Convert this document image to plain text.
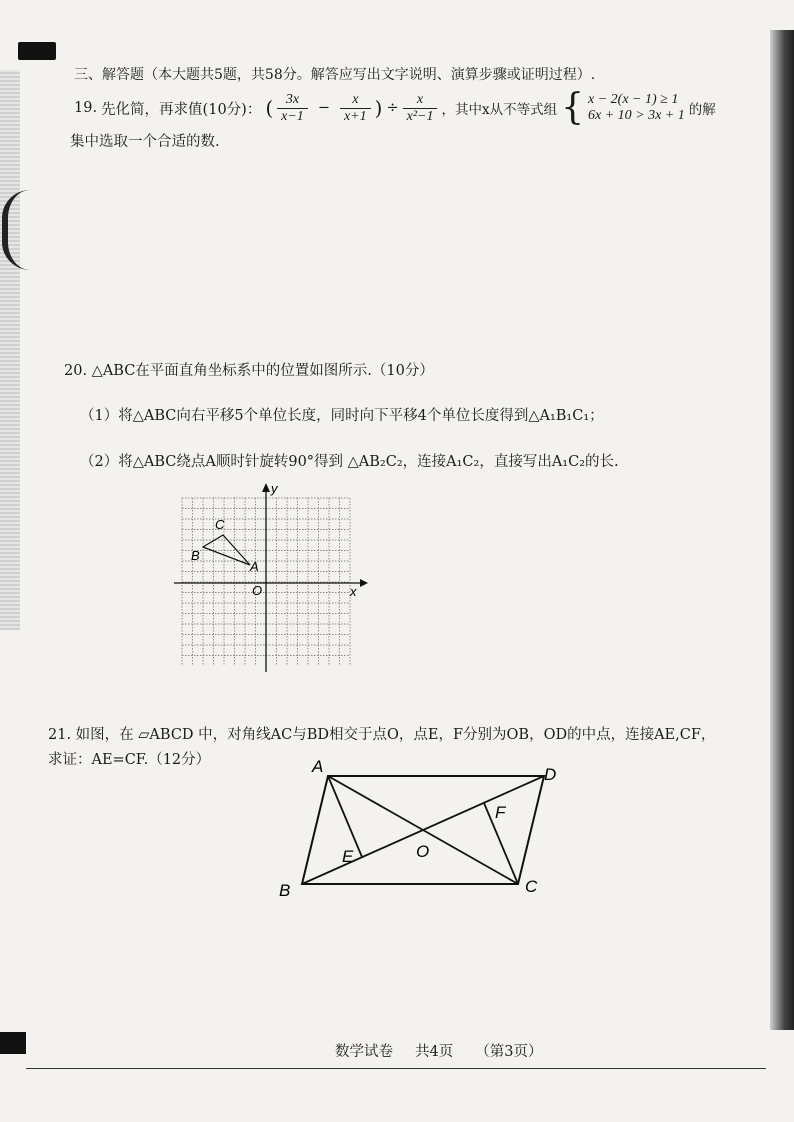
三、解答题（本大题共5题，共58分。解答应写出文字说明、演算步骤或证明过程）.
19. 先化简，再求值(10分)： ( $\frac{3x}{x-1} - \frac{x}{x+1}$ ) ÷ $\frac{x}{\text{x²−1}}$ ，其中x从不等式组 { x − 2(x − 1) ≥ 1
6x + 10 > 3x + 1 的解
集中选取一个合适的数.
20. △ABC在平面直角坐标系中的位置如图所示.（10分）
（1）将△ABC向右平移5个单位长度，同时向下平移4个单位长度得到△A₁B₁C₁；
（2）将△ABC绕点A顺时针旋转90°得到 △AB₂C₂，连接A₁C₂，直接写出A₁C₂的长.
y
x
O
A
B
C
21. 如图，在 ▱ABCD 中，对角线AC与BD相交于点O，点E，F分别为OB，OD的中点，连接AE,CF，
求证：AE=CF.（12分）	A	D
B	C
E
F
O
数学试卷 共4页 （第3页）
